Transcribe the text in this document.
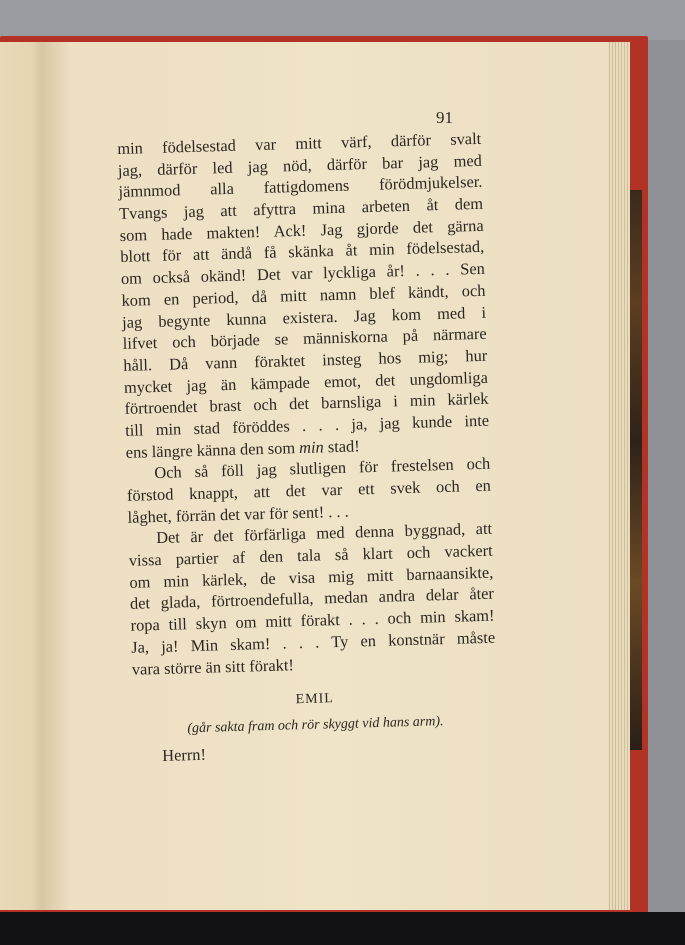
91
min födelsestad var mitt värf, därför svalt
jag, därför led jag nöd, därför bar jag med
jämnmod alla fattigdomens förödmjukelser.
Tvangs jag att afyttra mina arbeten åt dem
som hade makten! Ack! Jag gjorde det gärna
blott för att ändå få skänka åt min födelsestad,
om också okänd! Det var lyckliga år! . . . Sen
kom en period, då mitt namn blef kändt, och
jag begynte kunna existera. Jag kom med i
lifvet och började se människorna på närmare
håll. Då vann föraktet insteg hos mig; hur
mycket jag än kämpade emot, det ungdomliga
förtroendet brast och det barnsliga i min kärlek
till min stad föröddes . . . ja, jag kunde inte
ens längre känna den som min stad!
Och så föll jag slutligen för frestelsen och
förstod knappt, att det var ett svek och en
låghet, förrän det var för sent! . . .
Det är det förfärliga med denna byggnad, att
vissa partier af den tala så klart och vackert
om min kärlek, de visa mig mitt barnaansikte,
det glada, förtroendefulla, medan andra delar åter
ropa till skyn om mitt förakt . . . och min skam!
Ja, ja! Min skam! . . . Ty en konstnär måste
vara större än sitt förakt!
EMIL
(går sakta fram och rör skyggt vid hans arm).
Herrn!
